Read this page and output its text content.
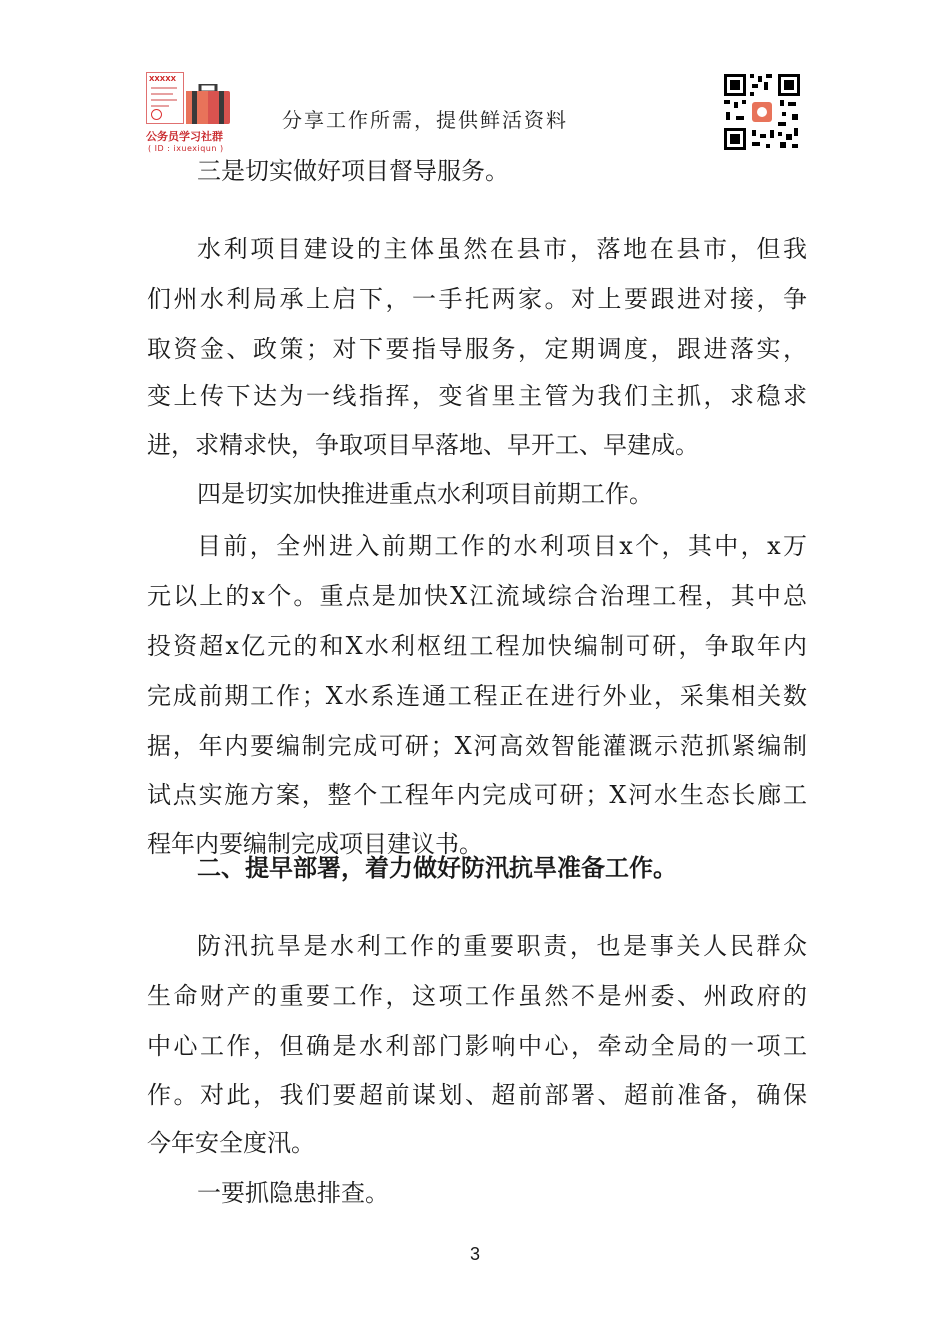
XXXXX
公务员学习社群
( ID : ixuexiqun )
分享工作所需，提供鲜活资料
三是切实做好项目督导服务。
水利项目建设的主体虽然在县市，落地在县市，但我
们州水利局承上启下，一手托两家。对上要跟进对接，争
取资金、政策；对下要指导服务，定期调度，跟进落实，
变上传下达为一线指挥，变省里主管为我们主抓，求稳求
进，求精求快，争取项目早落地、早开工、早建成。
四是切实加快推进重点水利项目前期工作。
目前，全州进入前期工作的水利项目x个，其中，x万
元以上的x个。重点是加快X江流域综合治理工程，其中总
投资超x亿元的和X水利枢纽工程加快编制可研，争取年内
完成前期工作；X水系连通工程正在进行外业，采集相关数
据，年内要编制完成可研；X河高效智能灌溉示范抓紧编制
试点实施方案，整个工程年内完成可研；X河水生态长廊工
程年内要编制完成项目建议书。
二、提早部署，着力做好防汛抗旱准备工作。
防汛抗旱是水利工作的重要职责，也是事关人民群众
生命财产的重要工作，这项工作虽然不是州委、州政府的
中心工作，但确是水利部门影响中心，牵动全局的一项工
作。对此，我们要超前谋划、超前部署、超前准备，确保
今年安全度汛。
一要抓隐患排查。
3
